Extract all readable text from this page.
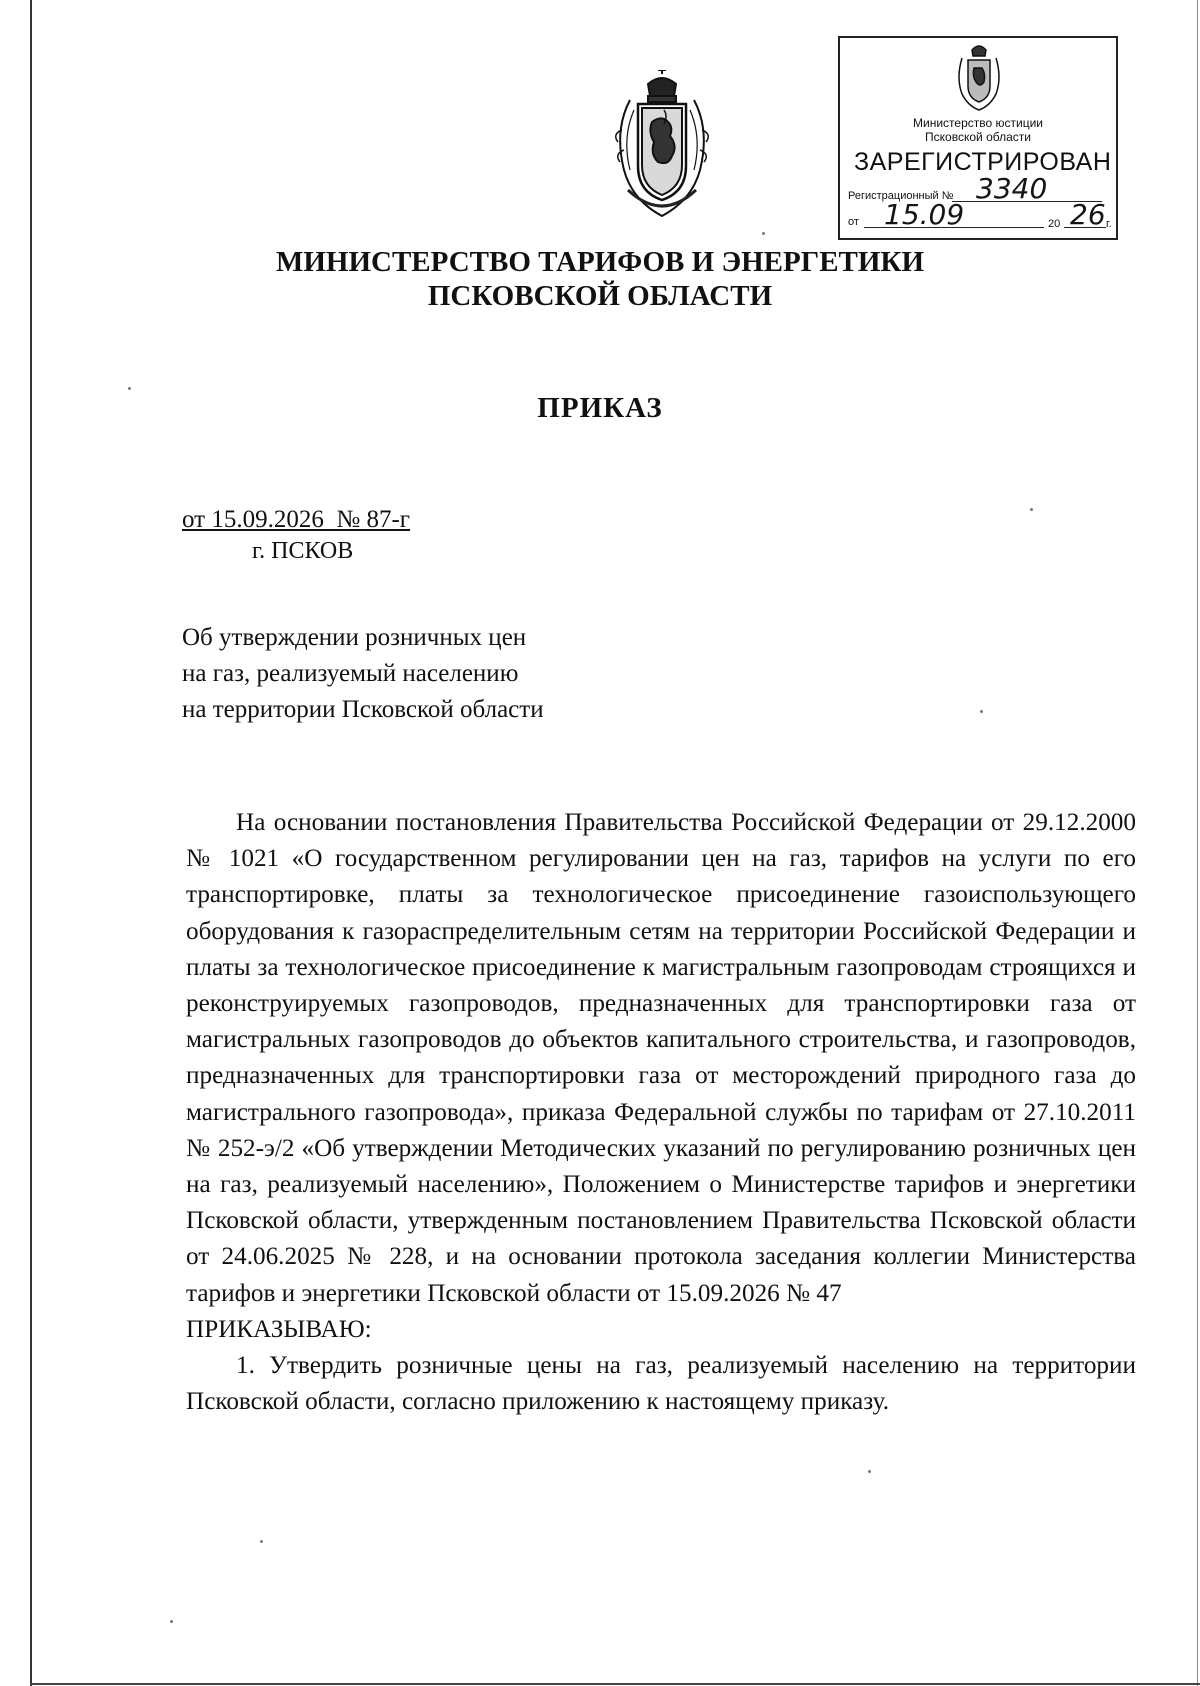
Министерство юстиции
Псковской области
ЗАРЕГИСТРИРОВАН
Регистрационный № 3340
от 15.09	20 26 г.
МИНИСТЕРСТВО ТАРИФОВ И ЭНЕРГЕТИКИ
ПСКОВСКОЙ ОБЛАСТИ
ПРИКАЗ
от 15.09.2026  № 87-г
г. ПСКОВ
Об утверждении розничных цен
на газ, реализуемый населению
на территории Псковской области

На основании постановления Правительства Российской Федерации от 29.12.2000 № 1021 «О государственном регулировании цен на газ, тарифов на услуги по его транспортировке, платы за технологическое присоединение газоиспользующего оборудования к газораспределительным сетям на территории Российской Федерации и платы за технологическое присоединение к магистральным газопроводам строящихся и реконструируемых газопроводов, предназначенных для транспортировки газа от магистральных газопроводов до объектов капитального строительства, и газопроводов, предназначенных для транспортировки газа от месторождений природного газа до магистрального газопровода», приказа Федеральной службы по тарифам от 27.10.2011 № 252-э/2 «Об утверждении Методических указаний по регулированию розничных цен на газ, реализуемый населению», Положением о Министерстве тарифов и энергетики Псковской области, утвержденным постановлением Правительства Псковской области от 24.06.2025 № 228, и на основании протокола заседания коллегии Министерства тарифов и энергетики Псковской области от 15.09.2026 № 47

ПРИКАЗЫВАЮ:

1. Утвердить розничные цены на газ, реализуемый населению на территории Псковской области, согласно приложению к настоящему приказу.
